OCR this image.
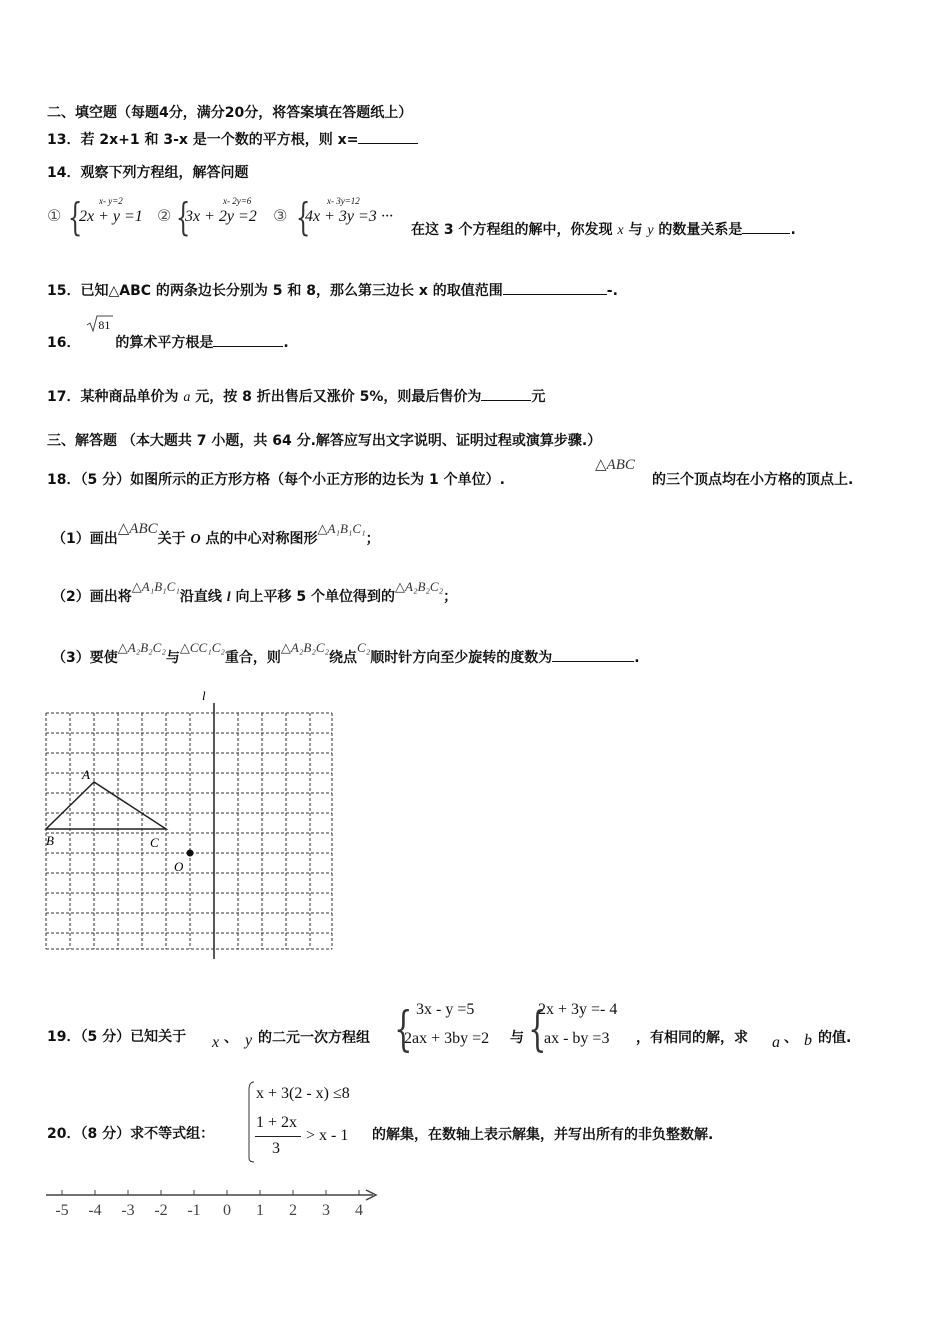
二、填空题（每题4分，满分20分，将答案填在答题纸上）
13．若 2x+1 和 3-x 是一个数的平方根，则 x=
14．观察下列方程组，解答问题
① { x- y=2
2x + y =1 ② {	x- 2y=6
3x + 2y =2 ③ { x- 3y=12
4x + 3y =3 ···
在这 3 个方程组的解中，你发现 x 与 y 的数量关系是	.
15．已知△ABC 的两条边长分别为 5 和 8，那么第三边长 x 的取值范围	-.
16．
81
的算术平方根是	.
17．某种商品单价为 a 元，按 8 折出售后又涨价 5%，则最后售价为	元
三、解答题 （本大题共 7 小题，共 64 分.解答应写出文字说明、证明过程或演算步骤.）
18．（5 分）如图所示的正方形方格（每个小正方形的边长为 1 个单位）.
△ABC
的三个顶点均在小方格的顶点上.
（1）画出△ABC关于 O 点的中心对称图形△A₁B₁C₁；
（2）画出将△A₁B₁C₁沿直线 l 向上平移 5 个单位得到的△A₂B₂C₂；
（3）要使△A₂B₂C₂与△CC₁C₂重合，则△A₂B₂C₂绕点C₂顺时针方向至少旋转的度数为	.
l
A
B	C
O
19．（5 分）已知关于 x 、 y 的二元一次方程组 { 3x - y =5
2ax + 3by =2 与 {
2x + 3y =- 4
ax - by =3 ，有相同的解，求 a 、 b 的值.
20．（8 分）求不等式组：
x + 3(2 - x) ≤8
1 + 2x
3
> x - 1 的解集，在数轴上表示解集，并写出所有的非负整数解.
-5 -4 -3 -2 -1 0 1 2 3 4
